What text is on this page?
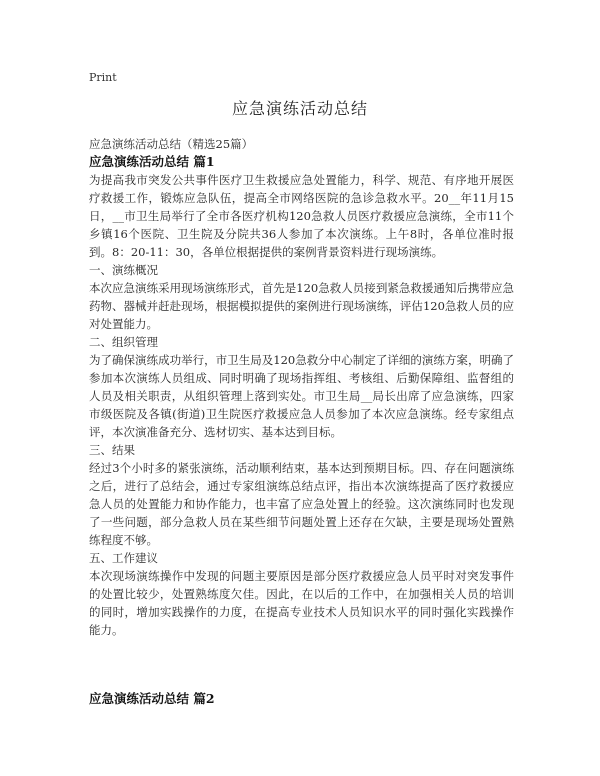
Print

应急演练活动总结

应急演练活动总结（精选25篇）

应急演练活动总结 篇1

为提高我市突发公共事件医疗卫生救援应急处置能力，科学、规范、有序地开展医疗救援工作，锻炼应急队伍，提高全市网络医院的急诊急救水平。20__年11月15日，__市卫生局举行了全市各医疗机构120急救人员医疗救援应急演练，全市11个乡镇16个医院、卫生院及分院共36人参加了本次演练。上午8时，各单位准时报到。8：20-11：30，各单位根据提供的案例背景资料进行现场演练。

一、演练概况

本次应急演练采用现场演练形式，首先是120急救人员接到紧急救援通知后携带应急药物、器械并赶赴现场，根据模拟提供的案例进行现场演练，评估120急救人员的应对处置能力。

二、组织管理

为了确保演练成功举行，市卫生局及120急救分中心制定了详细的演练方案，明确了参加本次演练人员组成、同时明确了现场指挥组、考核组、后勤保障组、监督组的人员及相关职责，从组织管理上落到实处。市卫生局__局长出席了应急演练，四家市级医院及各镇(街道)卫生院医疗救援应急人员参加了本次应急演练。经专家组点评，本次演准备充分、选材切实、基本达到目标。

三、结果

经过3个小时多的紧张演练，活动顺利结束，基本达到预期目标。四、存在问题演练之后，进行了总结会，通过专家组演练总结点评，指出本次演练提高了医疗救援应急人员的处置能力和协作能力，也丰富了应急处置上的经验。这次演练同时也发现了一些问题，部分急救人员在某些细节问题处置上还存在欠缺，主要是现场处置熟练程度不够。

五、工作建议

本次现场演练操作中发现的问题主要原因是部分医疗救援应急人员平时对突发事件的处置比较少，处置熟练度欠佳。因此，在以后的工作中，在加强相关人员的培训的同时，增加实践操作的力度，在提高专业技术人员知识水平的同时强化实践操作能力。

应急演练活动总结 篇2
